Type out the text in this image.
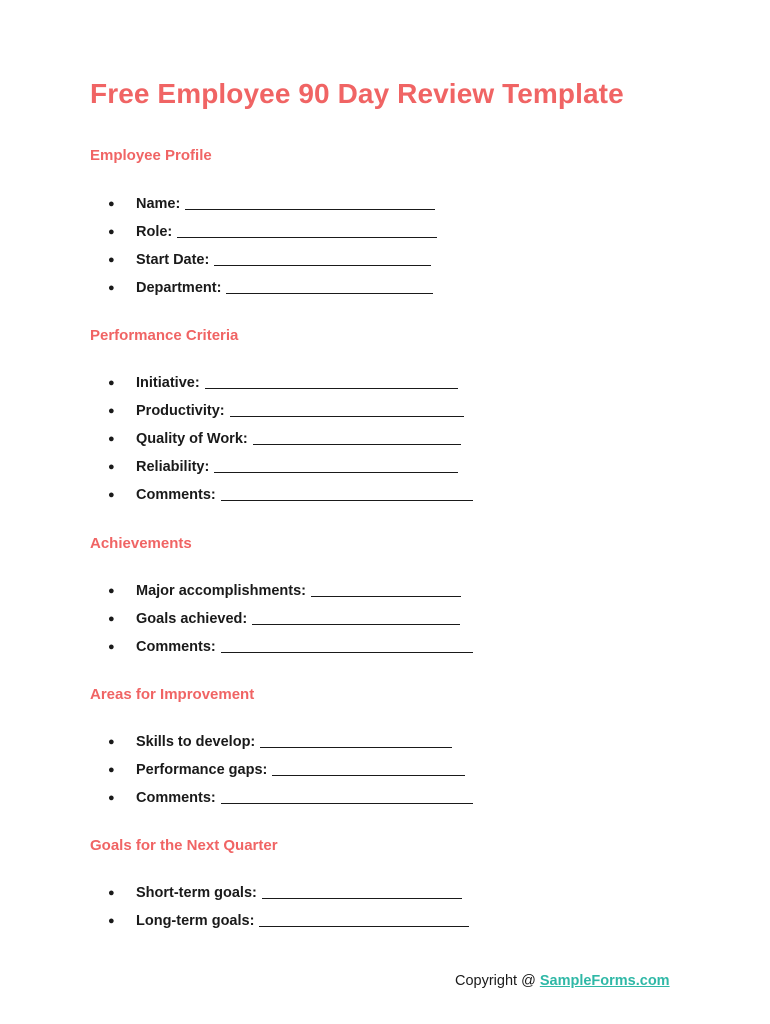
Free Employee 90 Day Review Template
Employee Profile
●	Name:
●	Role:
●	Start Date:
●	Department:
Performance Criteria
●	Initiative:
●	Productivity:
●	Quality of Work:
●	Reliability:
●	Comments:
Achievements
●	Major accomplishments:
●	Goals achieved:
●	Comments:
Areas for Improvement
●	Skills to develop:
●	Performance gaps:
●	Comments:
Goals for the Next Quarter
●	Short-term goals:
●	Long-term goals:
Copyright @ SampleForms.com
